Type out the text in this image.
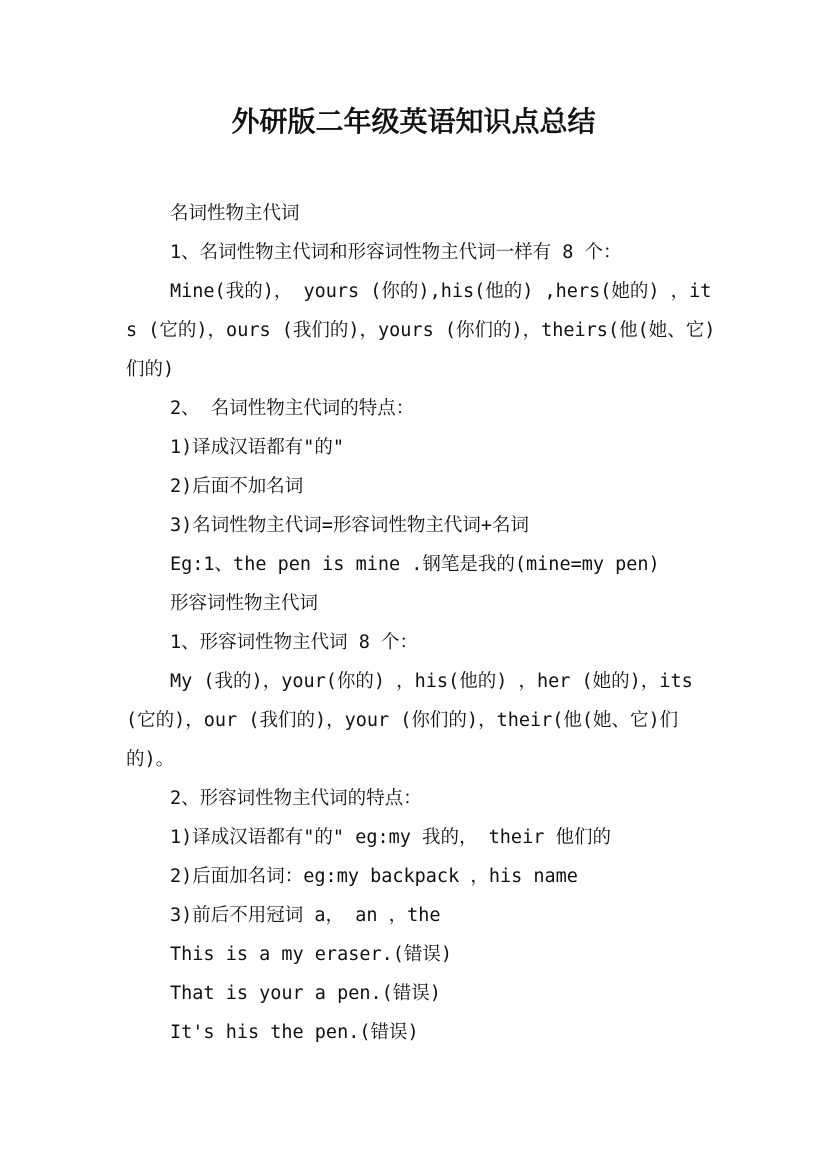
外研版二年级英语知识点总结

名词性物主代词

1、名词性物主代词和形容词性物主代词一样有 8 个：

Mine(我的)， yours (你的),his(他的) ,hers(她的) ，its (它的)，ours (我们的)，yours (你们的)，theirs(他(她、它)们的)

2、 名词性物主代词的特点：

1)译成汉语都有"的"

2)后面不加名词

3)名词性物主代词=形容词性物主代词+名词

Eg:1、the pen is mine .钢笔是我的(mine=my pen)

形容词性物主代词

1、形容词性物主代词 8 个：

My (我的)，your(你的) ，his(他的) ，her (她的)，its (它的)，our (我们的)，your (你们的)，their(他(她、它)们的)。

2、形容词性物主代词的特点：

1)译成汉语都有"的" eg:my 我的， their 他们的

2)后面加名词：eg:my backpack ，his name

3)前后不用冠词 a， an ，the

This is a my eraser.(错误)

That is your a pen.(错误)

It's his the pen.(错误)
